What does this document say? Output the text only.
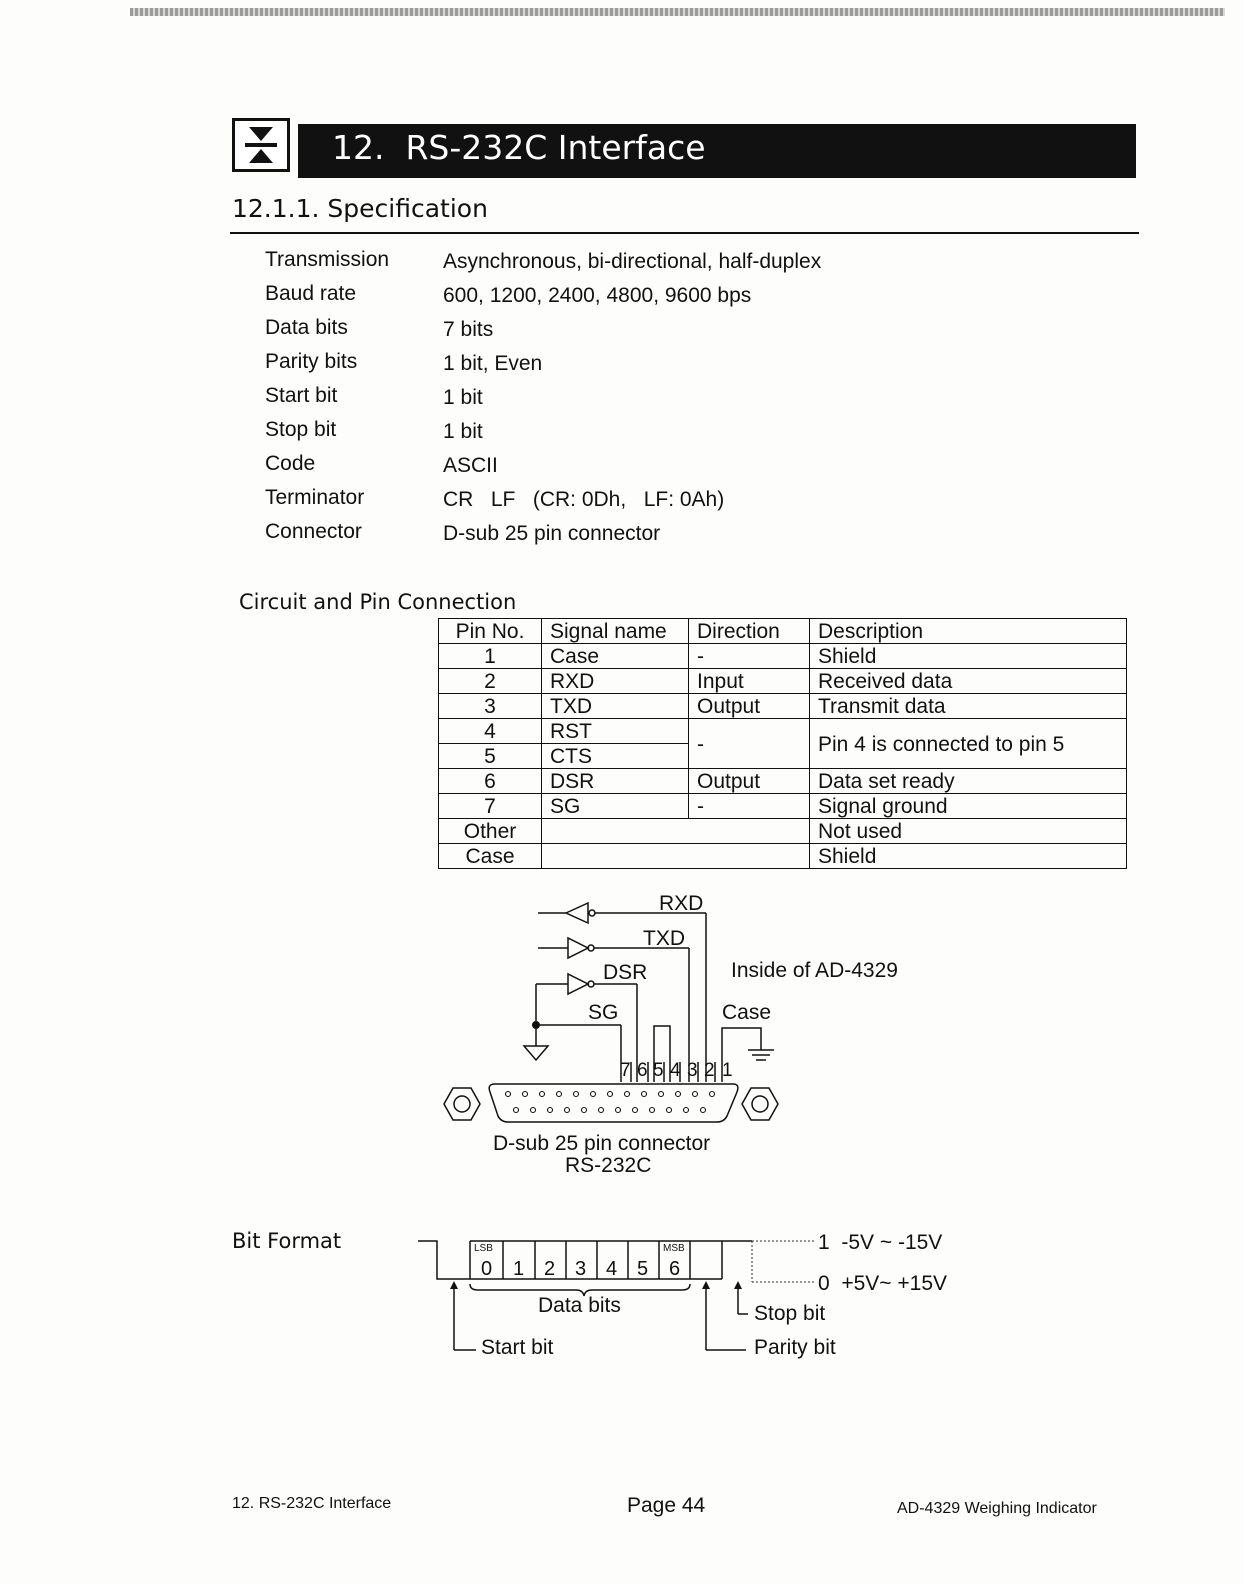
12. RS-232C Interface
12.1.1. Specification
Transmission	Asynchronous, bi-directional, half-duplex
Baud rate	600, 1200, 2400, 4800, 9600 bps
Data bits	7 bits
Parity bits	1 bit, Even
Start bit	1 bit
Stop bit	1 bit
Code	ASCII
Terminator	CR   LF   (CR: 0Dh,   LF: 0Ah)
Connector	D-sub 25 pin connector
Circuit and Pin Connection
Pin No.	Signal name	Direction	Description
1	Case	-	Shield
2	RXD	Input	Received data
3	TXD	Output	Transmit data
4	RST	-	Pin 4 is connected to pin 5
5	CTS		
6	DSR	Output	Data set ready
7	SG	-	Signal ground
Other			Not used
Case			Shield
RXD
TXD
DSR
SG	Case
Inside of AD-4329
7 6 5 4 3 2 1
D-sub 25 pin connector
RS-232C
Bit Format	LSB	MSB
0 1 2 3 4 5 6
1  -5V ~ -15V
0  +5V~ +15V
Data bits	Stop bit
Start bit	Parity bit
12. RS-232C Interface	Page 44	AD-4329 Weighing Indicator
